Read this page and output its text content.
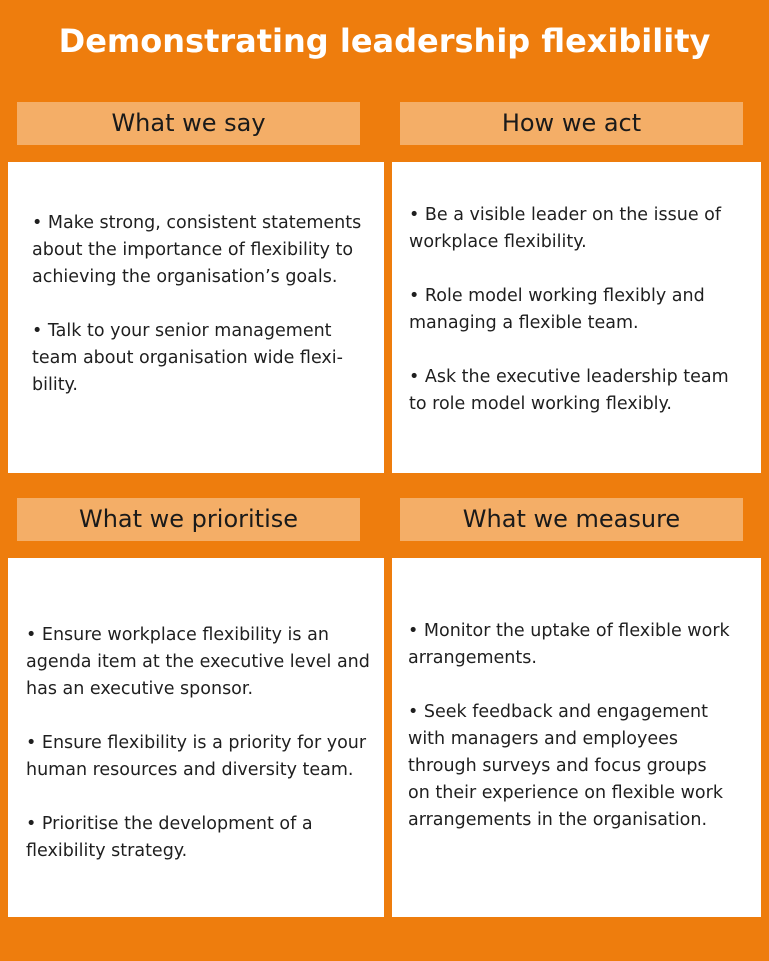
Demonstrating leadership flexibility
What we say

• Make strong, consistent statements about the importance of flexibility to achieving the organisation’s goals.

• Talk to your senior management team about organisation wide flexi-bility.

How we act

• Be a visible leader on the issue of workplace flexibility.

• Role model working flexibly and managing a flexible team.

• Ask the executive leadership team to role model working flexibly.

What we prioritise

• Ensure workplace flexibility is an agenda item at the executive level and has an executive sponsor.

• Ensure flexibility is a priority for your human resources and diversity team.

• Prioritise the development of a flexibility strategy.

What we measure

• Monitor the uptake of flexible work arrangements.

• Seek feedback and engagement with managers and employees through surveys and focus groups on their experience on flexible work arrangements in the organisation.
